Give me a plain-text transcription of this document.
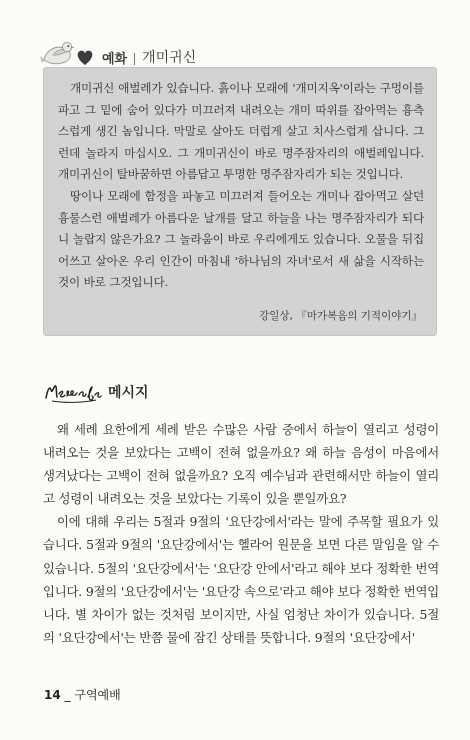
예화 개미귀신

개미귀신 애벌레가 있습니다. 흙이나 모래에 '개미지옥'이라는 구멍이를 파고 그 밑에 숨어 있다가 미끄러져 내려오는 개미 따위를 잡아먹는 흉측스럽게 생긴 놈입니다. 막말로 살아도 더럽게 살고 치사스럽게 삽니다. 그런데 놀라지 마십시오. 그 개미귀신이 바로 명주잠자리의 애벌레입니다. 개미귀신이 탈바꿈하면 아름답고 투명한 명주잠자리가 되는 것입니다.

땅이나 모래에 함정을 파놓고 미끄러져 들어오는 개미나 잡아먹고 살던 흉물스런 애벌레가 아름다운 날개를 달고 하늘을 나는 명주잠자리가 되다니 놀랍지 않은가요? 그 놀라움이 바로 우리에게도 있습니다. 오물을 뒤집어쓰고 살아온 우리 인간이 마침내 '하나님의 자녀'로서 새 삶을 시작하는 것이 바로 그것입니다.

강일상, 『마가복음의 기적이야기』
메시지

왜 세례 요한에게 세례 받은 수많은 사람 중에서 하늘이 열리고 성령이 내려오는 것을 보았다는 고백이 전혀 없을까요? 왜 하늘 음성이 마음에서 생겨났다는 고백이 전혀 없을까요? 오직 예수님과 관련해서만 하늘이 열리고 성령이 내려오는 것을 보았다는 기록이 있을 뿐일까요?

이에 대해 우리는 5절과 9절의 '요단강에서'라는 말에 주목할 필요가 있습니다. 5절과 9절의 '요단강에서'는 헬라어 원문을 보면 다른 말임을 알 수 있습니다. 5절의 '요단강에서'는 '요단강 안에서'라고 해야 보다 정확한 번역입니다. 9절의 '요단강에서'는 '요단강 속으로'라고 해야 보다 정확한 번역입니다. 별 차이가 없는 것처럼 보이지만, 사실 엄청난 차이가 있습니다. 5절의 '요단강에서'는 반쯤 물에 잠긴 상태를 뜻합니다. 9절의 '요단강에서'

14 _ 구역예배
